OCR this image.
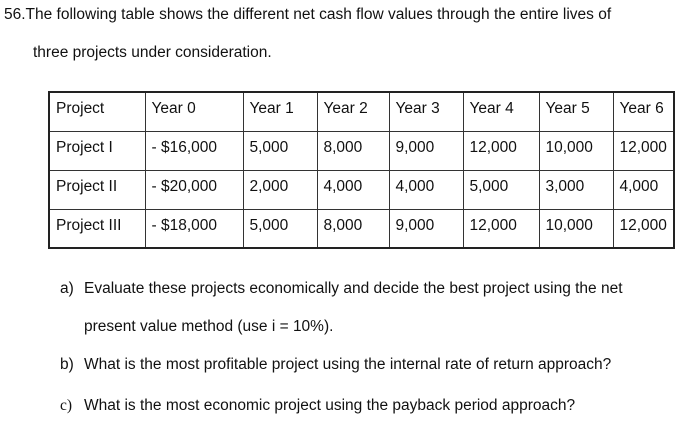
56.The following table shows the different net cash flow values through the entire lives of
three projects under consideration.
Project	Year 0	Year 1	Year 2	Year 3	Year 4	Year 5	Year 6
Project I	- $16,000	5,000	8,000	9,000	12,000	10,000	12,000
Project II	- $20,000	2,000	4,000	4,000	5,000	3,000	4,000
Project III	- $18,000	5,000	8,000	9,000	12,000	10,000	12,000
a) Evaluate these projects economically and decide the best project using the net
present value method (use i = 10%).
b) What is the most profitable project using the internal rate of return approach?
c) What is the most economic project using the payback period approach?
